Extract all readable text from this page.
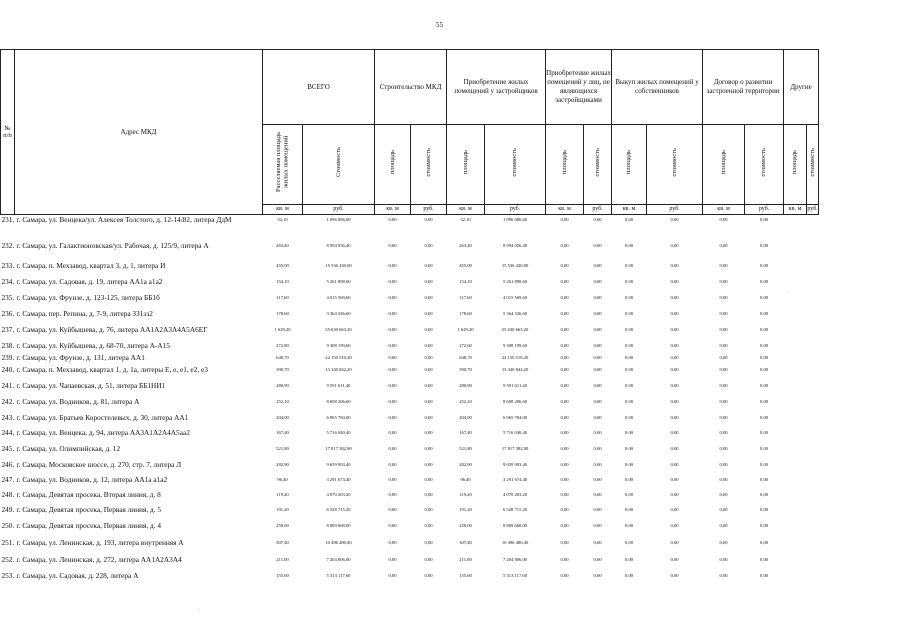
55
№ п/п	Адрес МКД	ВСЕГО		Строительство МКД		Приобретение жилых помещений у застройщиков		Приобретение жилых помещений у лиц, не являющихся застройщиками		Выкуп жилых помещений у собственников		Договор о развитии застроенной территории		Другие	
		Расселяемая площадь жилых помещений	Стоимость	площадь	стоимость	площадь	стоимость	площадь	стоимость	площадь	стоимость	площадь	стоимость	площадь	стоимость
		кв. м	руб.	кв. м	руб.	кв. м	руб.	кв. м	руб.	кв. м	руб.	кв. м	руб.	кв. м	руб.
231.	г. Самара, ул. Венцека/ул. Алексея Толстого, д. 12-14/82, литера ДдМ	32,10	1 096 086,60	0,00	0,00	32,10	1 096 086,60	0,00	0,00	0,00	0,00	0,00	0,00		
232.	г. Самара, ул. Галактионовская/ул. Рабочая, д. 125/9, литера А	263,40	8 994 056,40	0,00	0,00	263,40	8 994 056,40	0,00	0,00	0,00	0,00	0,00	0,00		
233.	г. Самара, п. Мехзавод, квартал 3, д. 1, литера И	455,00	15 536 430,00	0,00	0,00	455,00	15 536 430,00	0,00	0,00	0,00	0,00	0,00	0,00		
234.	г. Самара, ул. Садовая, д. 19, литера АА1а а1а2	154,10	5 261 898,60	0,00	0,00	154,10	5 261 898,60	0,00	0,00	0,00	0,00	0,00	0,00		
235.	г. Самара, ул. Фрунзе, д. 123-125, литера ББ1б	117,60	4 015 569,60	0,00	0,00	117,60	4 015 569,60	0,00	0,00	0,00	0,00	0,00	0,00		
236.	г. Самара, пер. Репина, д. 7-9, литера ЗЗ1зз2	178,60	3 364 336,60	0,00	0,00	178,60	5 364 336,60	0,00	0,00	0,00	0,00	0,00	0,00		
237.	г. Самара, ул. Куйбышева, д. 76, литера АА1А2А3А4А5А6ЕГ	1 629,20	55 630 663,20	0,00	0,00	1 629,20	55 630 663,20	0,00	0,00	0,00	0,00	0,00	0,00		
238.	г. Самара, ул. Куйбышева, д. 68-70, литера А-А15	272,80	9 308 199,60	0,00	0,00	272,60	9 308 199,60	0,00	0,00	0,00	0,00	0,00	0,00		
239.	г. Самара, ул. Фрунзе, д. 131, литера АА1	648,70	22 150 510,20	0,00	0,00	648,70	22 150 510,20	0,00	0,00	0,00	0,00	0,00	0,00		
240.	г. Самара, п. Мехзавод, квартал 1, д. 1а, литеры Е, е, е1, е2, е3	390,70	13 340 842,20	0,00	0,00	390,70	13 340 842,20	0,00	0,00	0,00	0,00	0,00	0,00		
241.	г. Самара, ул. Чапаевская, д. 51, литера ББ1НИ1	280,90	9 591 611,40	0,00	0,00	280,90	9 591 611,40	0,00	0,00	0,00	0,00	0,00	0,00		
242.	г. Самара, ул. Водников, д. 81, литера А	252,10	8 608 206,60	0,00	0,00	252,10	8 608 206,60	0,00	0,00	0,00	0,00	0,00	0,00		
243.	г. Самара, ул. Братьев Коростелевых, д. 30, литера АА1	204,00	6 965 784,00	0,00	0,00	204,00	6 965 784,00	0,00	0,00	0,00	0,00	0,00	0,00		
244.	г. Самара, ул. Венцека, д. 94, литера АА3А1А2А4А5аа2	167,40	5 716 040,40	0,00	0,00	167,40	5 716 040,40	0,00	0,00	0,00	0,00	0,00	0,00		
245.	г. Самара, ул. Олимпийская, д. 12	521,80	17 817 382,80	0,00	0,00	521,80	17 817 382,80	0,00	0,00	0,00	0,00	0,00	0,00		
246.	г. Самара, Московское шоссе, д. 270, стр. 7, литера Л	282,90	9 659 903,40	0,00	0,00	282,90	9 659 903,40	0,00	0,00	0,00	0,00	0,00	0,00		
247.	г. Самара, ул. Водников, д. 12, литера АА1а а1а2	96,40	3 291 674,40	0,00	0,00	96,40	3 291 674,40	0,00	0,00	0,00	0,00	0,00	0,00		
248.	г. Самара, Девятая просека, Вторая линия, д. 8	119,20	4 070 203,20	0,00	0,00	119,20	4 070 203,20	0,00	0,00	0,00	0,00	0,00	0,00		
249.	г. Самара, Девятая просека, Первая линия, д. 5	191,20	6 528 715,20	0,00	0,00	191,20	6 528 715,20	0,00	0,00	0,00	0,00	0,00	0,00		
250.	г. Самара, Девятая просека, Первая линия, д. 4	258,00	8 809 668,00	0,00	0,00	258,00	8 809 668,00	0,00	0,00	0,00	0,00	0,00	0,00		
251.	г. Самара, ул. Ленинская, д. 193, литера внутренняя А	307,40	10 496 480,40	0,00	0,00	307,40	10 496 480,40	0,00	0,00	0,00	0,00	0,00	0,00		
252.	г. Самара, ул. Ленинская, д. 272, литера АА1А2А3А4	211,00	7 204 806,00	0,00	0,00	211,00	7 204 806,00	0,00	0,00	0,00	0,00	0,00	0,00		
253.	г. Самара, ул. Садовая, д. 228, литера А	155,60	5 313 117,60	0,00	0,00	155,60	5 313 117,60	0,00	0,00	0,00	0,00	0,00	0,00		
·
·
